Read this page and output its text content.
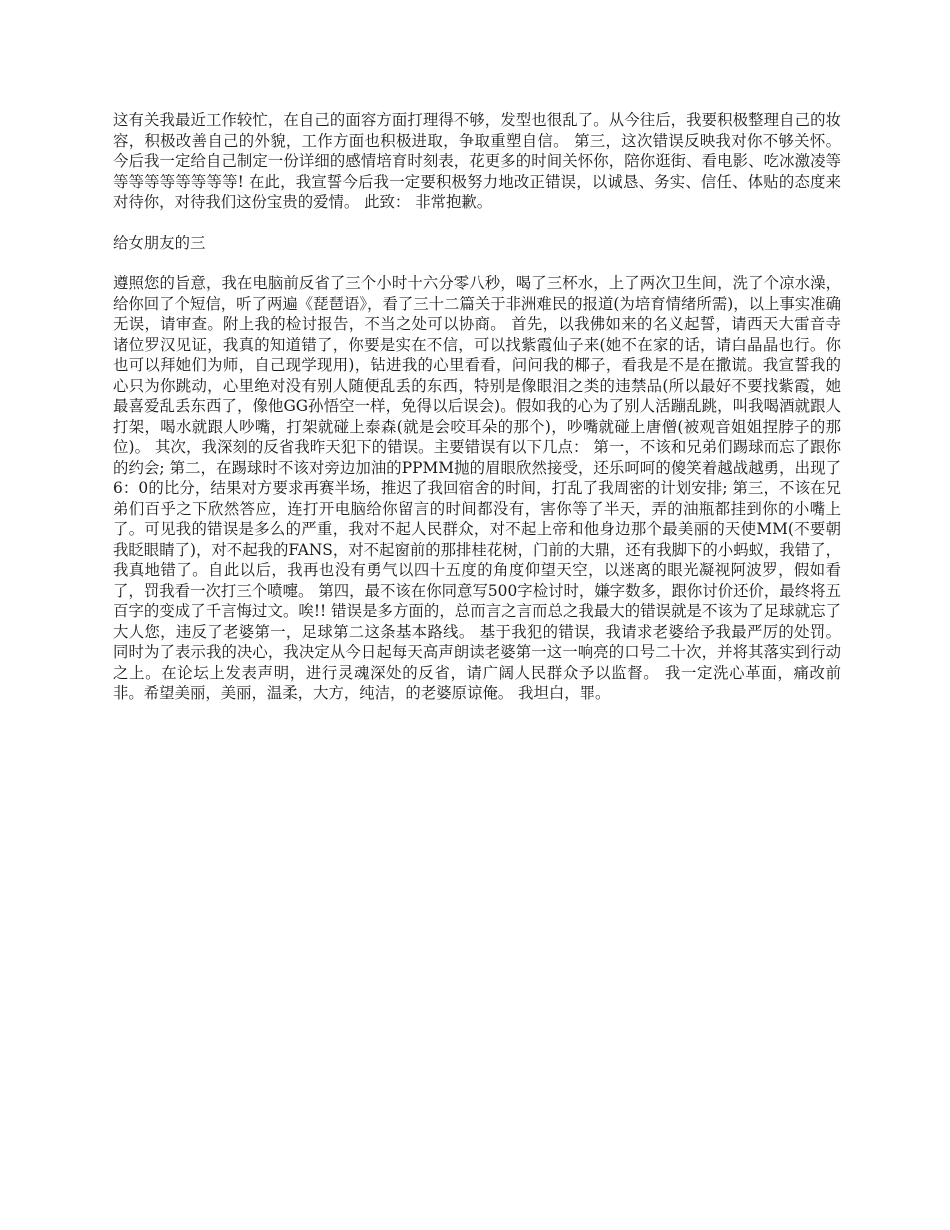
这有关我最近工作较忙，在自己的面容方面打理得不够，发型也很乱了。从今往后，我要积极整理自己的妆容，积极改善自己的外貌，工作方面也积极进取，争取重塑自信。 第三，这次错误反映我对你不够关怀。今后我一定给自己制定一份详细的感情培育时刻表，花更多的时间关怀你，陪你逛街、看电影、吃冰激凌等等等等等等等等等! 在此，我宣誓今后我一定要积极努力地改正错误，以诚恳、务实、信任、体贴的态度来对待你，对待我们这份宝贵的爱情。 此致： 非常抱歉。

给女朋友的三

遵照您的旨意，我在电脑前反省了三个小时十六分零八秒，喝了三杯水，上了两次卫生间，洗了个凉水澡，给你回了个短信，听了两遍《琵琶语》，看了三十二篇关于非洲难民的报道(为培育情绪所需)，以上事实准确无误，请审查。附上我的检讨报告，不当之处可以协商。 首先，以我佛如来的名义起誓，请西天大雷音寺诸位罗汉见证，我真的知道错了，你要是实在不信，可以找紫霞仙子来(她不在家的话，请白晶晶也行。你也可以拜她们为师，自己现学现用)，钻进我的心里看看，问问我的椰子，看我是不是在撒谎。我宣誓我的心只为你跳动，心里绝对没有别人随便乱丢的东西，特别是像眼泪之类的违禁品(所以最好不要找紫霞，她最喜爱乱丢东西了，像他GG孙悟空一样，免得以后误会)。假如我的心为了别人活蹦乱跳，叫我喝酒就跟人打架，喝水就跟人吵嘴，打架就碰上泰森(就是会咬耳朵的那个)，吵嘴就碰上唐僧(被观音姐姐捏脖子的那位)。 其次，我深刻的反省我昨天犯下的错误。主要错误有以下几点： 第一，不该和兄弟们踢球而忘了跟你的约会; 第二，在踢球时不该对旁边加油的PPMM抛的眉眼欣然接受，还乐呵呵的傻笑着越战越勇，出现了6：0的比分，结果对方要求再赛半场，推迟了我回宿舍的时间，打乱了我周密的计划安排; 第三，不该在兄弟们百乎之下欣然答应，连打开电脑给你留言的时间都没有，害你等了半天，弄的油瓶都挂到你的小嘴上了。可见我的错误是多么的严重，我对不起人民群众，对不起上帝和他身边那个最美丽的天使MM(不要朝我眨眼睛了)，对不起我的FANS，对不起窗前的那排桂花树，门前的大鼎，还有我脚下的小蚂蚁，我错了，我真地错了。自此以后，我再也没有勇气以四十五度的角度仰望天空，以迷离的眼光凝视阿波罗，假如看了，罚我看一次打三个喷嚏。 第四，最不该在你同意写500字检讨时，嫌字数多，跟你讨价还价，最终将五百字的变成了千言悔过文。唉!! 错误是多方面的，总而言之言而总之我最大的错误就是不该为了足球就忘了大人您，违反了老婆第一，足球第二这条基本路线。 基于我犯的错误，我请求老婆给予我最严厉的处罚。同时为了表示我的决心，我决定从今日起每天高声朗读老婆第一这一响亮的口号二十次，并将其落实到行动之上。在论坛上发表声明，进行灵魂深处的反省，请广阔人民群众予以监督。 我一定洗心革面，痛改前非。希望美丽，美丽，温柔，大方，纯洁，的老婆原谅俺。 我坦白，罪。
